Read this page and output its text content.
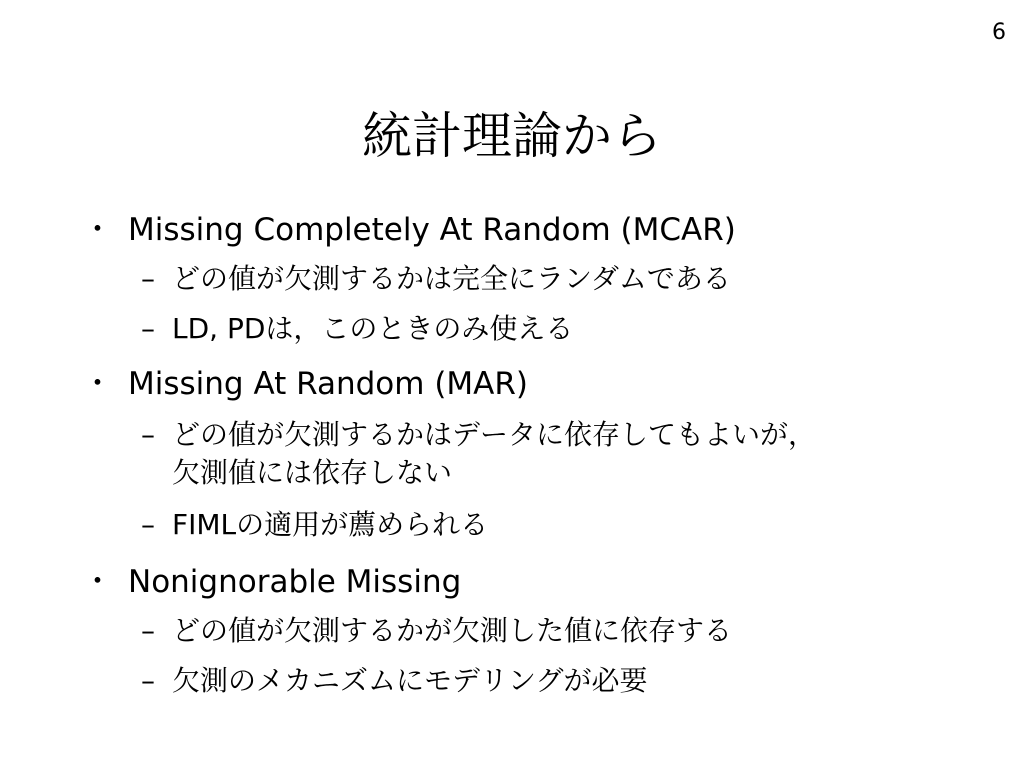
6
統計理論から
・ Missing Completely At Random (MCAR)
– どの値が欠測するかは完全にランダムである
– LD, PDは，このときのみ使える
・ Missing At Random (MAR)
– どの値が欠測するかはデータに依存してもよいが，
欠測値には依存しない
– FIMLの適用が薦められる
・ Nonignorable Missing
– どの値が欠測するかが欠測した値に依存する
– 欠測のメカニズムにモデリングが必要
